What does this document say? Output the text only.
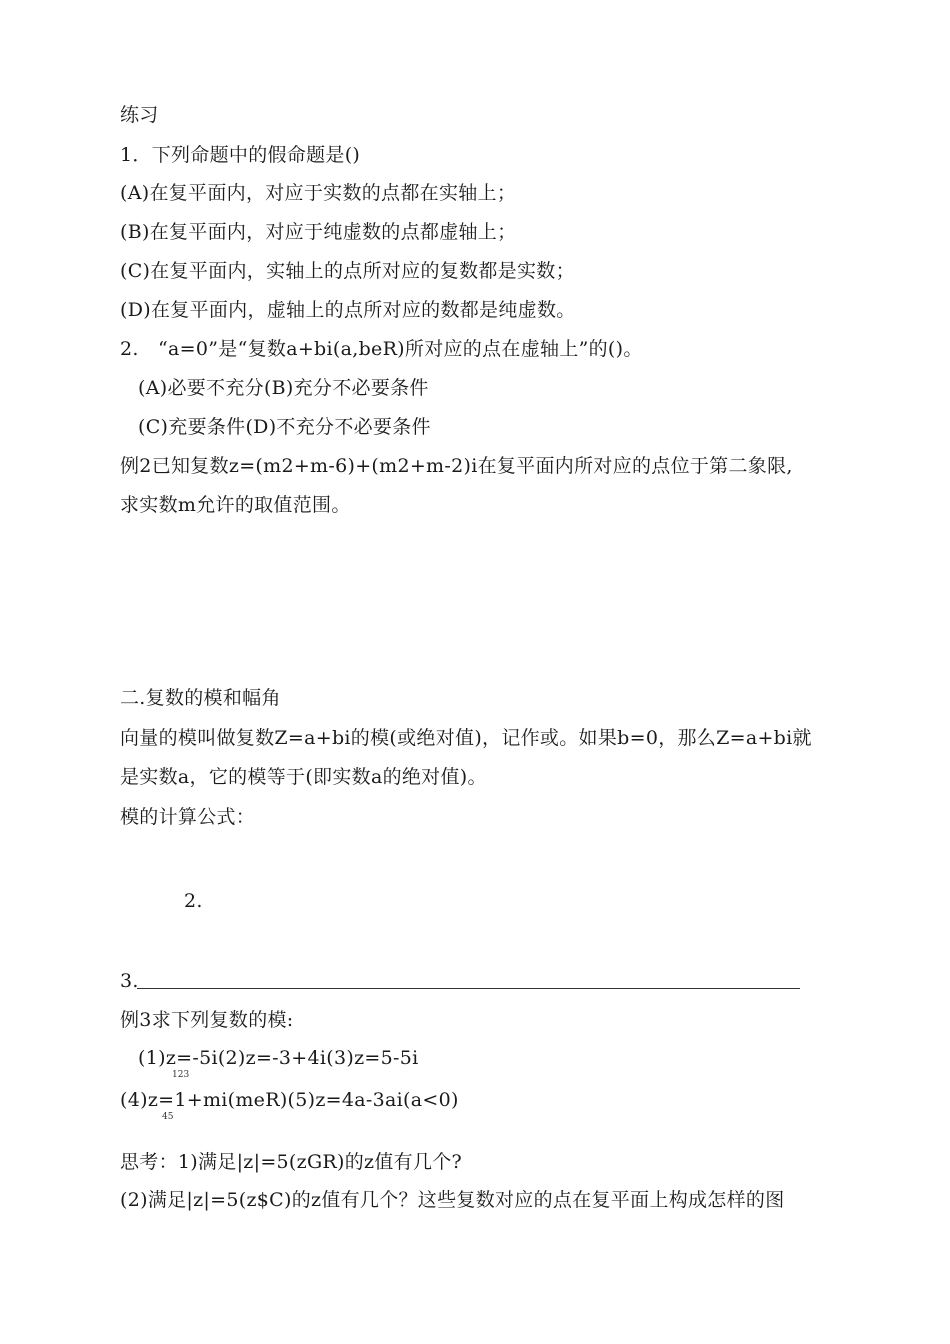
练习
1．下列命题中的假命题是()
(A)在复平面内，对应于实数的点都在实轴上；
(B)在复平面内，对应于纯虚数的点都虚轴上；
(C)在复平面内，实轴上的点所对应的复数都是实数；
(D)在复平面内，虚轴上的点所对应的数都是纯虚数。
2.　“a=0”是“复数a+bi(a,beR)所对应的点在虚轴上”的()。
(A)必要不充分(B)充分不必要条件
(C)充要条件(D)不充分不必要条件
例2已知复数z=(m2+m-6)+(m2+m-2)i在复平面内所对应的点位于第二象限,
求实数m允许的取值范围。
二.复数的模和幅角
向量的模叫做复数Z=a+bi的模(或绝对值)，记作或。如果b=0，那么Z=a+bi就
是实数a，它的模等于(即实数a的绝对值)。
模的计算公式：
2.
3.
例3求下列复数的模:
(1)z=-5i(2)z=-3+4i(3)z=5-5i
123
(4)z=1+mi(meR)(5)z=4a-3ai(a<0)
45
思考：1)满足|z|=5(zGR)的z值有几个?
(2)满足|z|=5(z$C)的z值有几个？这些复数对应的点在复平面上构成怎样的图
